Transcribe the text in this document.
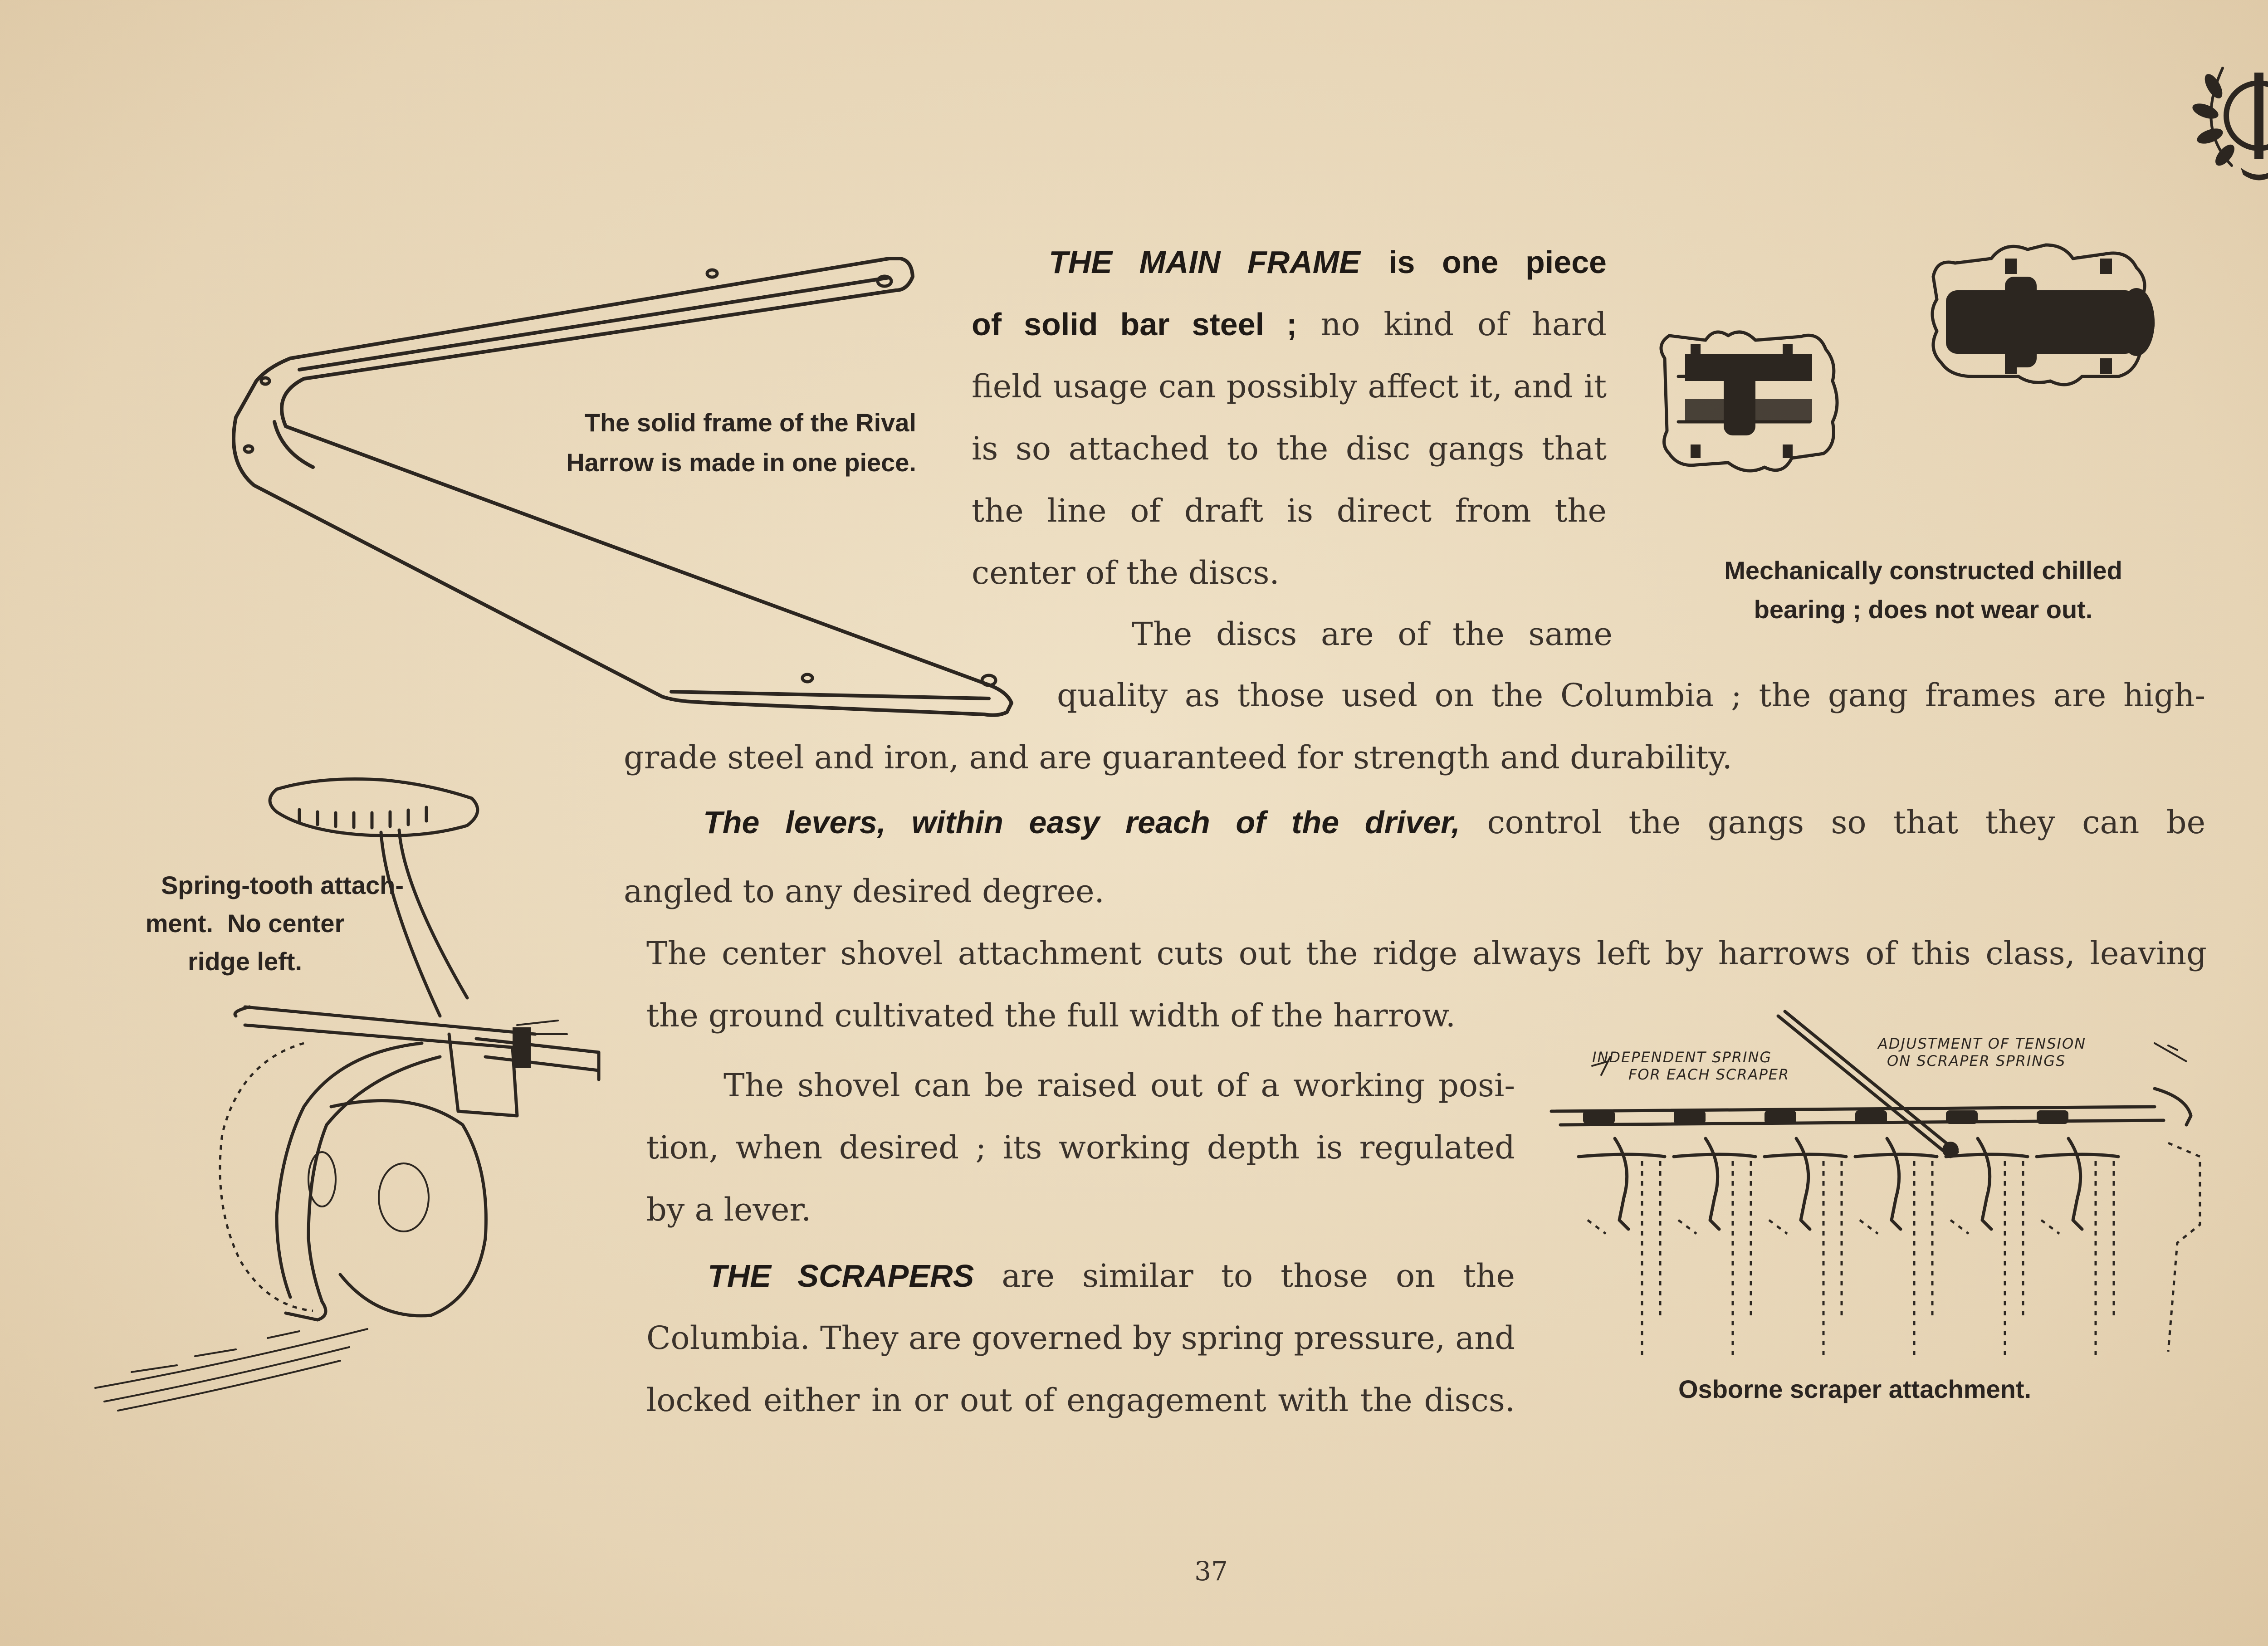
The solid frame of the Rival
Harrow is made in one piece.
THE MAIN FRAME is one piece
of solid bar steel ; no kind of hard
field usage can possibly affect it, and it
is so attached to the disc gangs that
the line of draft is direct from the
center of the discs.	Mechanically constructed chilled
bearing ; does not wear out.
The discs are of the same
quality as those used on the Columbia ; the gang frames are high-
grade steel and iron, and are guaranteed for strength and durability.
The levers, within easy reach of the driver, control the gangs so that they can be
angled to any desired degree.
Spring-tooth attach-
ment.  No center
ridge left.	The center shovel attachment cuts out the ridge always left by harrows of this class, leaving
the ground cultivated the full width of the harrow.
The shovel can be raised out of a working posi-
tion, when desired ; its working depth is regulated
by a lever.
THE SCRAPERS are similar to those on the
Columbia. They are governed by spring pressure, and
locked either in or out of engagement with the discs.
INDEPENDENT SPRING
FOR EACH SCRAPER
ADJUSTMENT OF TENSION
ON SCRAPER SPRINGS
Osborne scraper attachment.
37
